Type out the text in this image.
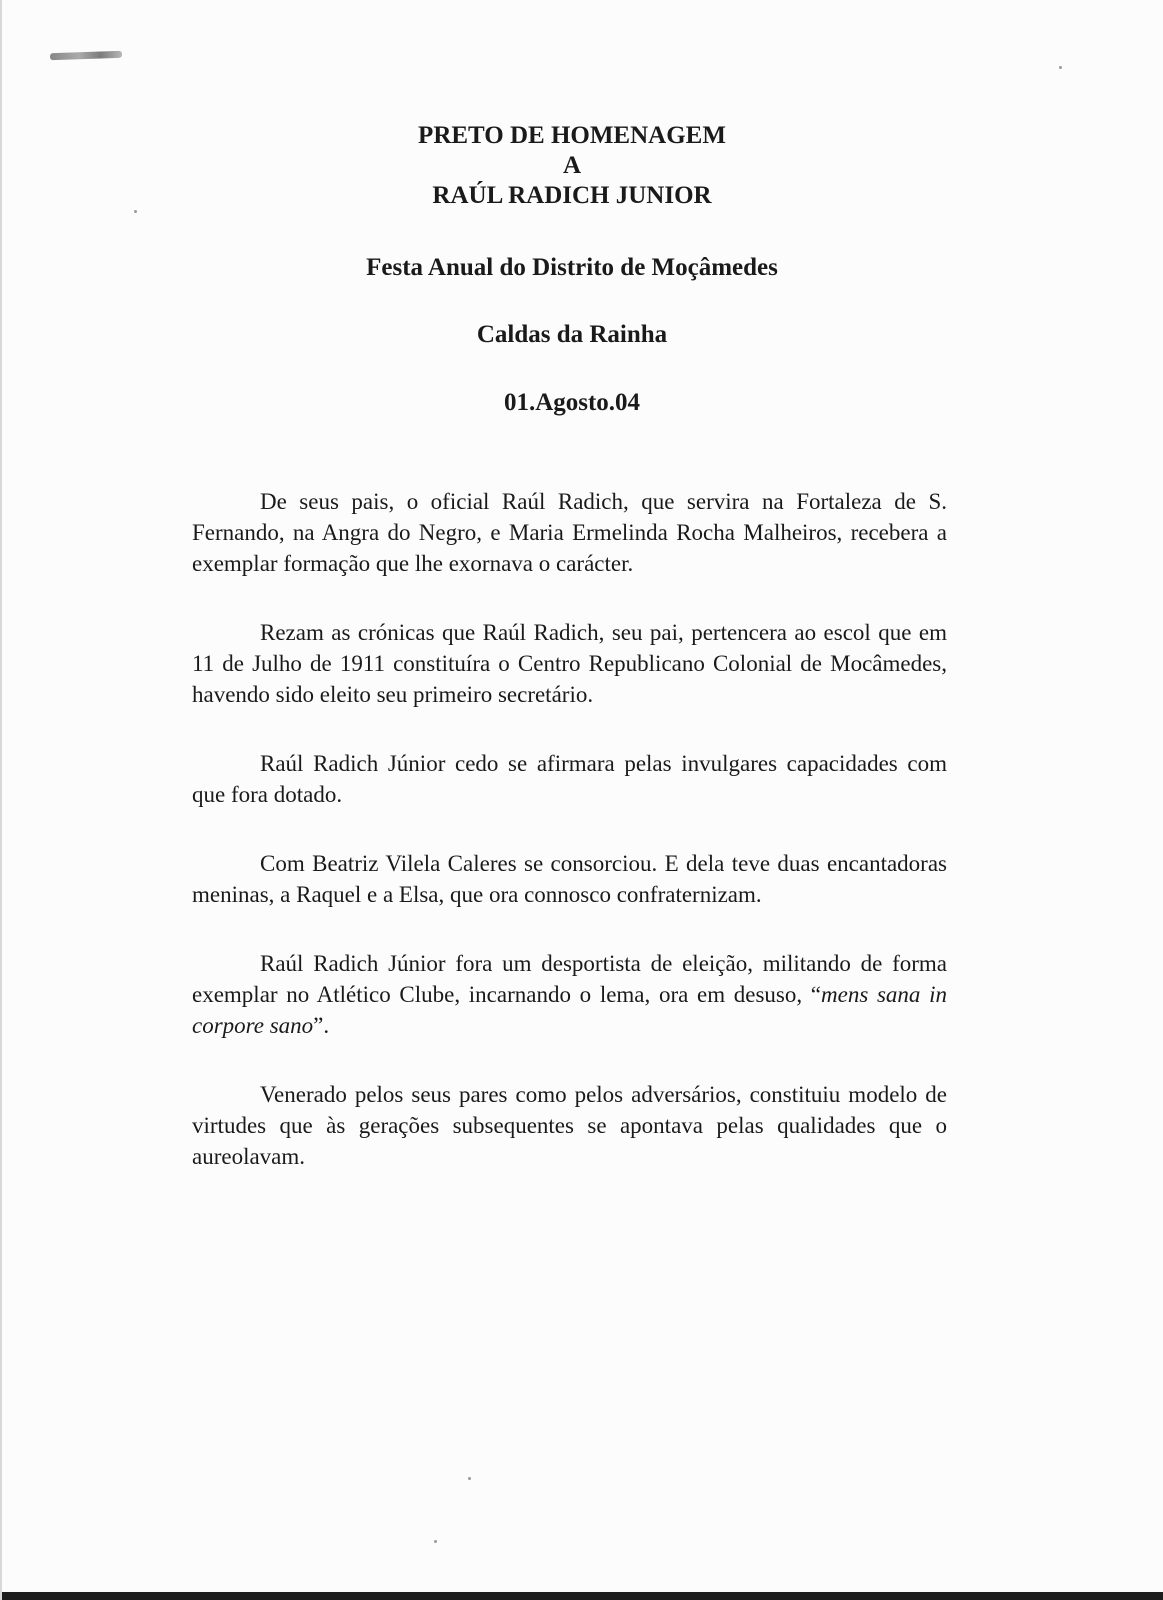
PRETO DE HOMENAGEM
A
RAÚL RADICH JUNIOR
Festa Anual do Distrito de Moçâmedes
Caldas da Rainha
01.Agosto.04

De seus pais, o oficial Raúl Radich, que servira na Fortaleza de S. Fernando, na Angra do Negro, e Maria Ermelinda Rocha Malheiros, recebera a exemplar formação que lhe exornava o carácter.

Rezam as crónicas que Raúl Radich, seu pai, pertencera ao escol que em 11 de Julho de 1911 constituíra o Centro Republicano Colonial de Mocâmedes, havendo sido eleito seu primeiro secretário.

Raúl Radich Júnior cedo se afirmara pelas invulgares capacidades com que fora dotado.

Com Beatriz Vilela Caleres se consorciou. E dela teve duas encantadoras meninas, a Raquel e a Elsa, que ora connosco confraternizam.

Raúl Radich Júnior fora um desportista de eleição, militando de forma exemplar no Atlético Clube, incarnando o lema, ora em desuso, “mens sana in corpore sano”.

Venerado pelos seus pares como pelos adversários, constituiu modelo de virtudes que às gerações subsequentes se apontava pelas qualidades que o aureolavam.
